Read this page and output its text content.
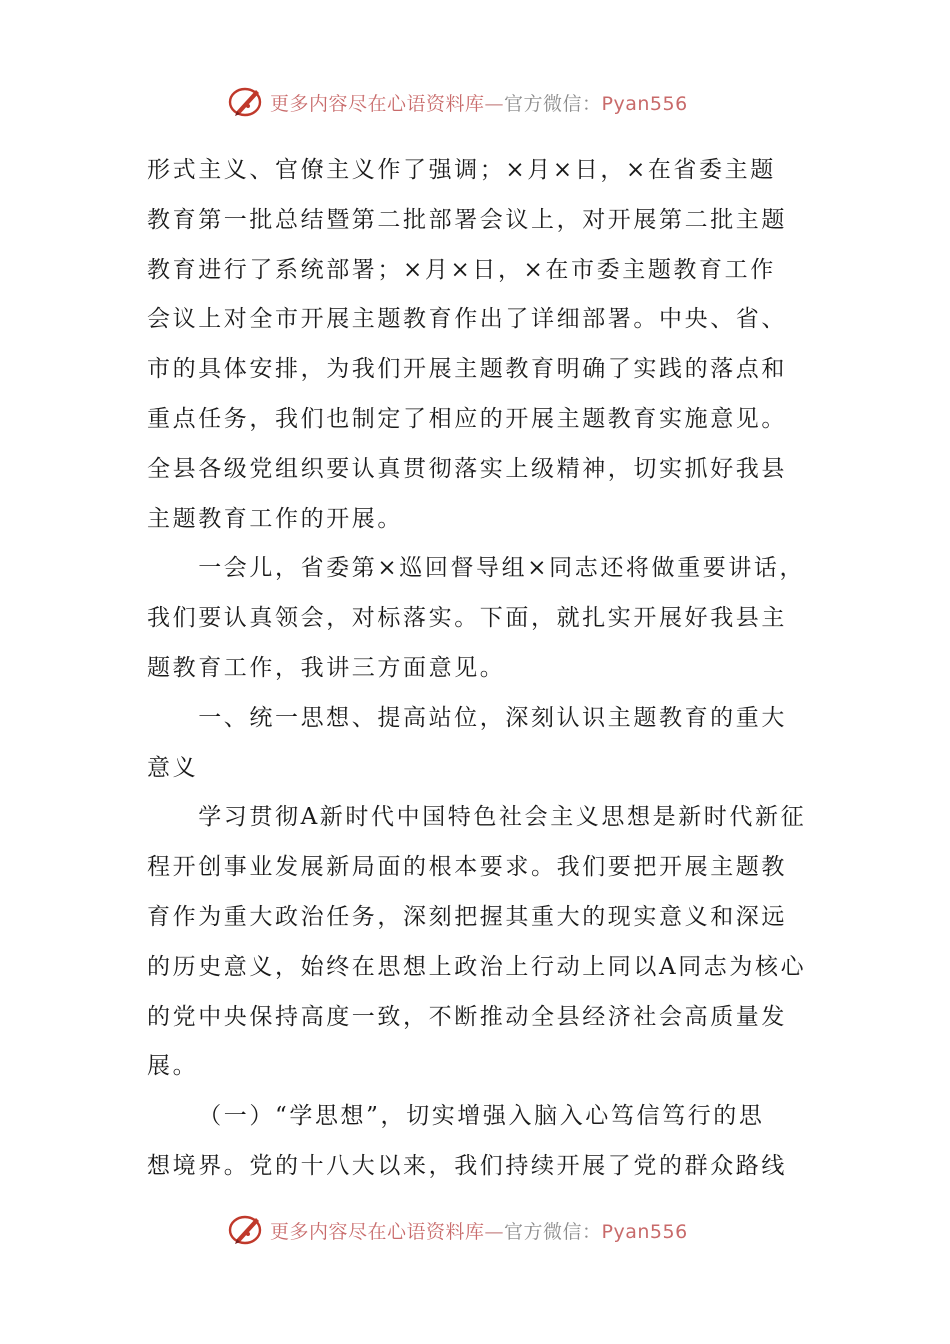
更多内容尽在心语资料库—官方微信：Pyan556
形式主义、官僚主义作了强调；×月×日，×在省委主题
教育第一批总结暨第二批部署会议上，对开展第二批主题
教育进行了系统部署；×月×日，×在市委主题教育工作
会议上对全市开展主题教育作出了详细部署。中央、省、
市的具体安排，为我们开展主题教育明确了实践的落点和
重点任务，我们也制定了相应的开展主题教育实施意见。
全县各级党组织要认真贯彻落实上级精神，切实抓好我县
主题教育工作的开展。
一会儿，省委第×巡回督导组×同志还将做重要讲话，
我们要认真领会，对标落实。下面，就扎实开展好我县主
题教育工作，我讲三方面意见。
一、统一思想、提高站位，深刻认识主题教育的重大
意义
学习贯彻A新时代中国特色社会主义思想是新时代新征
程开创事业发展新局面的根本要求。我们要把开展主题教
育作为重大政治任务，深刻把握其重大的现实意义和深远
的历史意义，始终在思想上政治上行动上同以A同志为核心
的党中央保持高度一致，不断推动全县经济社会高质量发
展。
（一）“学思想”，切实增强入脑入心笃信笃行的思
想境界。党的十八大以来，我们持续开展了党的群众路线
更多内容尽在心语资料库—官方微信：Pyan556
